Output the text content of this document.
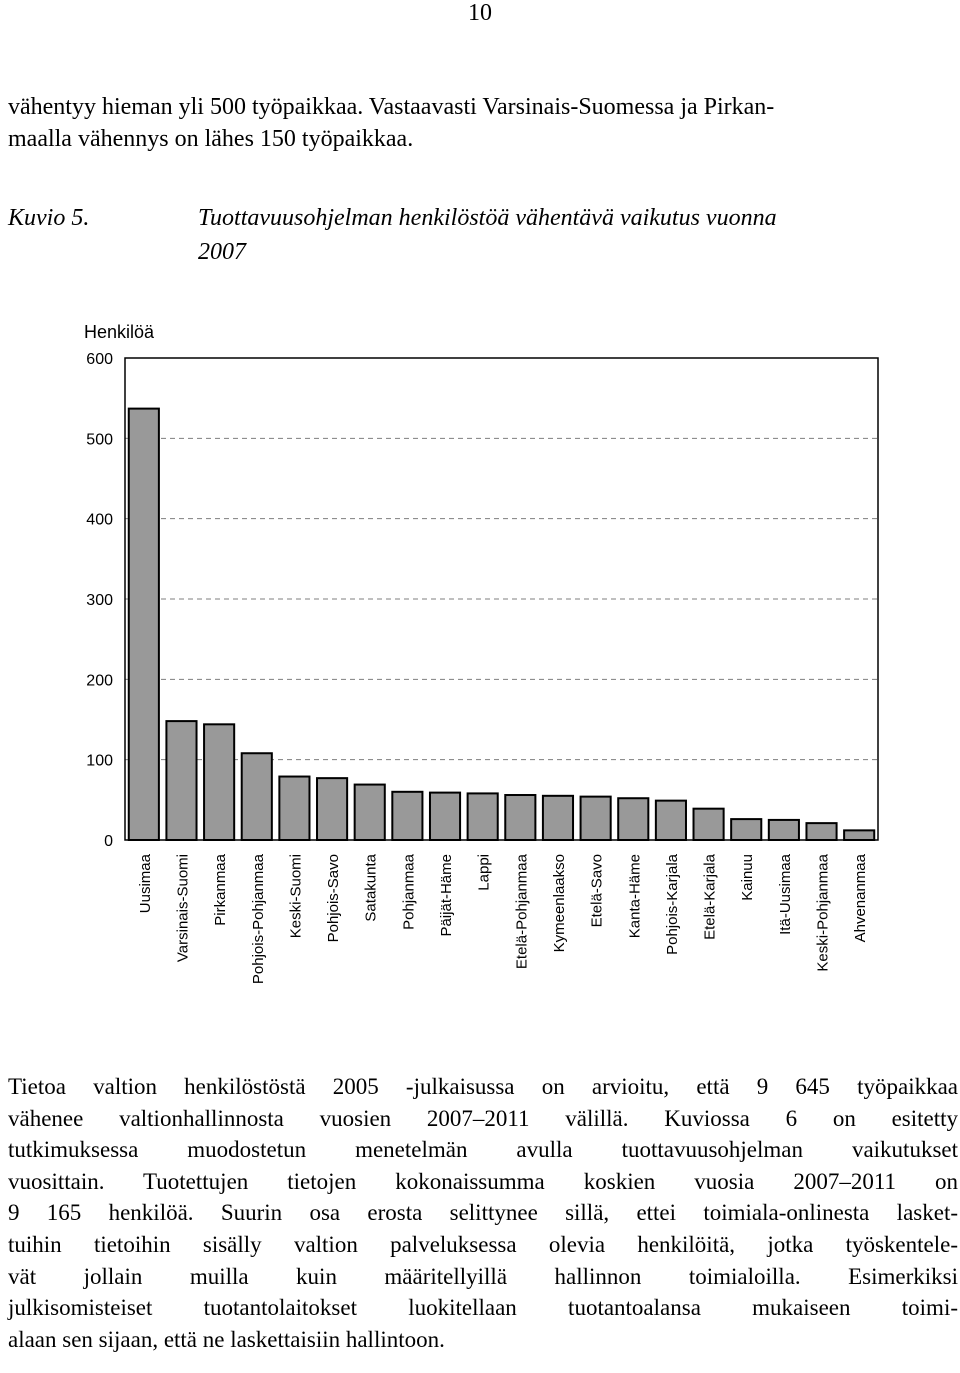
10
vähentyy hieman yli 500 työpaikkaa. Vastaavasti Varsinais-Suomessa ja Pirkan-
maalla vähennys on lähes 150 työpaikkaa.
Kuvio 5.	Tuottavuusohjelman henkilöstöä vähentävä vaikutus vuonna
2007
0
100
200
300
400
500
600
Henkilöä
Uusimaa Varsinais-Suomi Pirkanmaa Pohjois-Pohjanmaa Keski-Suomi Pohjois-Savo Satakunta Pohjanmaa Päijät-Häme Lappi Etelä-Pohjanmaa Kymeenlaakso Etelä-Savo Kanta-Häme Pohjois-Karjala Etelä-Karjala Kainuu Itä-Uusimaa Keski-Pohjanmaa Ahvenanmaa
Tietoa valtion henkilöstöstä 2005 -julkaisussa on arvioitu, että 9 645 työpaikkaa
vähenee valtionhallinnosta vuosien 2007–2011 välillä. Kuviossa 6 on esitetty
tutkimuksessa muodostetun menetelmän avulla tuottavuusohjelman vaikutukset
vuosittain. Tuotettujen tietojen kokonaissumma koskien vuosia 2007–2011 on
9 165 henkilöä. Suurin osa erosta selittynee sillä, ettei toimiala-onlinesta lasket-
tuihin tietoihin sisälly valtion palveluksessa olevia henkilöitä, jotka työskentele-
vät jollain muilla kuin määritellyillä hallinnon toimialoilla. Esimerkiksi
julkisomisteiset tuotantolaitokset luokitellaan tuotantoalansa mukaiseen toimi-
alaan sen sijaan, että ne laskettaisiin hallintoon.
